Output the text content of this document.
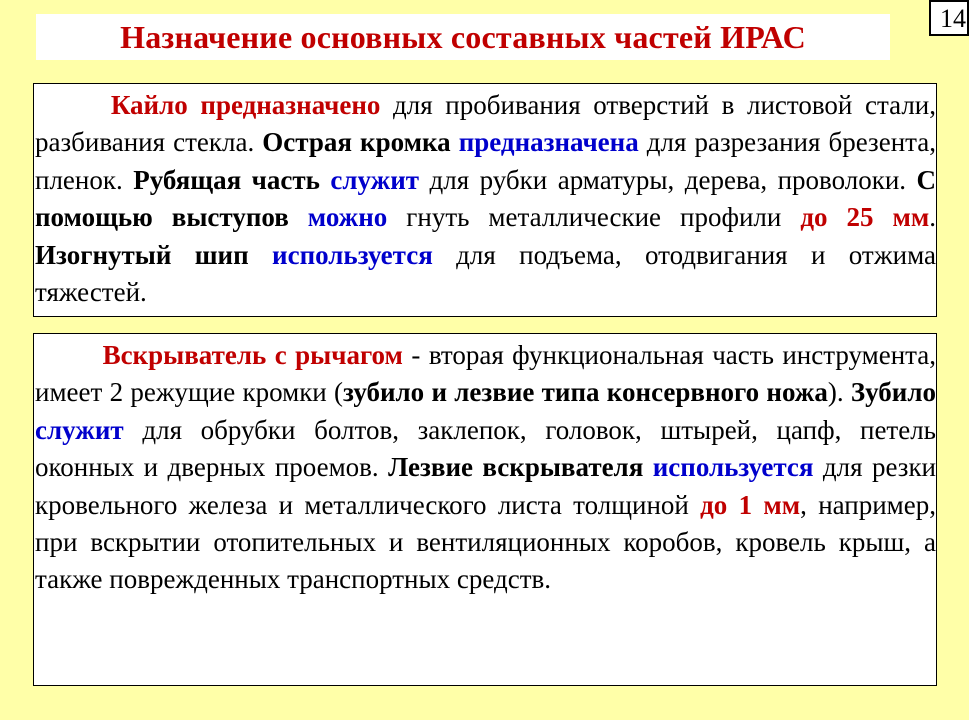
14
Назначение основных составных частей ИРАС

Кайло предназначено для пробивания отверстий в листовой стали, разбивания стекла. Острая кромка предназначена для разрезания брезента, пленок. Рубящая часть служит для рубки арматуры, дерева, проволоки. С помощью выступов можно гнуть металлические профили до 25 мм. Изогнутый шип используется для подъема, отодвигания и отжима тяжестей.

Вскрыватель с рычагом - вторая функциональная часть инструмента, имеет 2 режущие кромки (зубило и лезвие типа консервного ножа). Зубило служит для обрубки болтов, заклепок, головок, штырей, цапф, петель оконных и дверных проемов. Лезвие вскрывателя используется для резки кровельного железа и металлического листа толщиной до 1 мм, например, при вскрытии отопительных и вентиляционных коробов, кровель крыш, а также поврежденных транспортных средств.
